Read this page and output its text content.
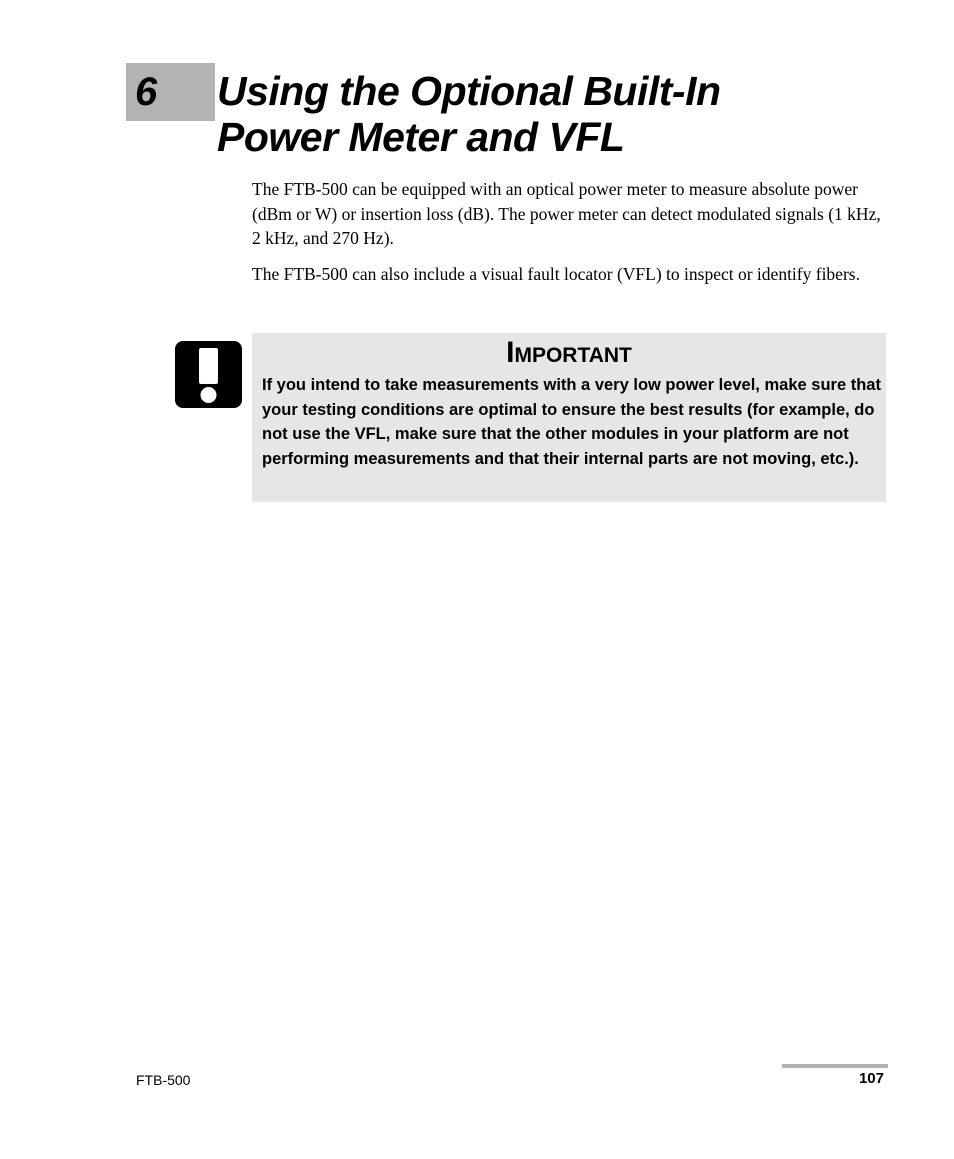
6 Using the Optional Built-In
Power Meter and VFL

The FTB-500 can be equipped with an optical power meter to measure absolute power (dBm or W) or insertion loss (dB). The power meter can detect modulated signals (1 kHz, 2 kHz, and 270 Hz).

The FTB-500 can also include a visual fault locator (VFL) to inspect or identify fibers.

Important

If you intend to take measurements with a very low power level, make sure that your testing conditions are optimal to ensure the best results (for example, do not use the VFL, make sure that the other modules in your platform are not performing measurements and that their internal parts are not moving, etc.).

FTB-500	107
